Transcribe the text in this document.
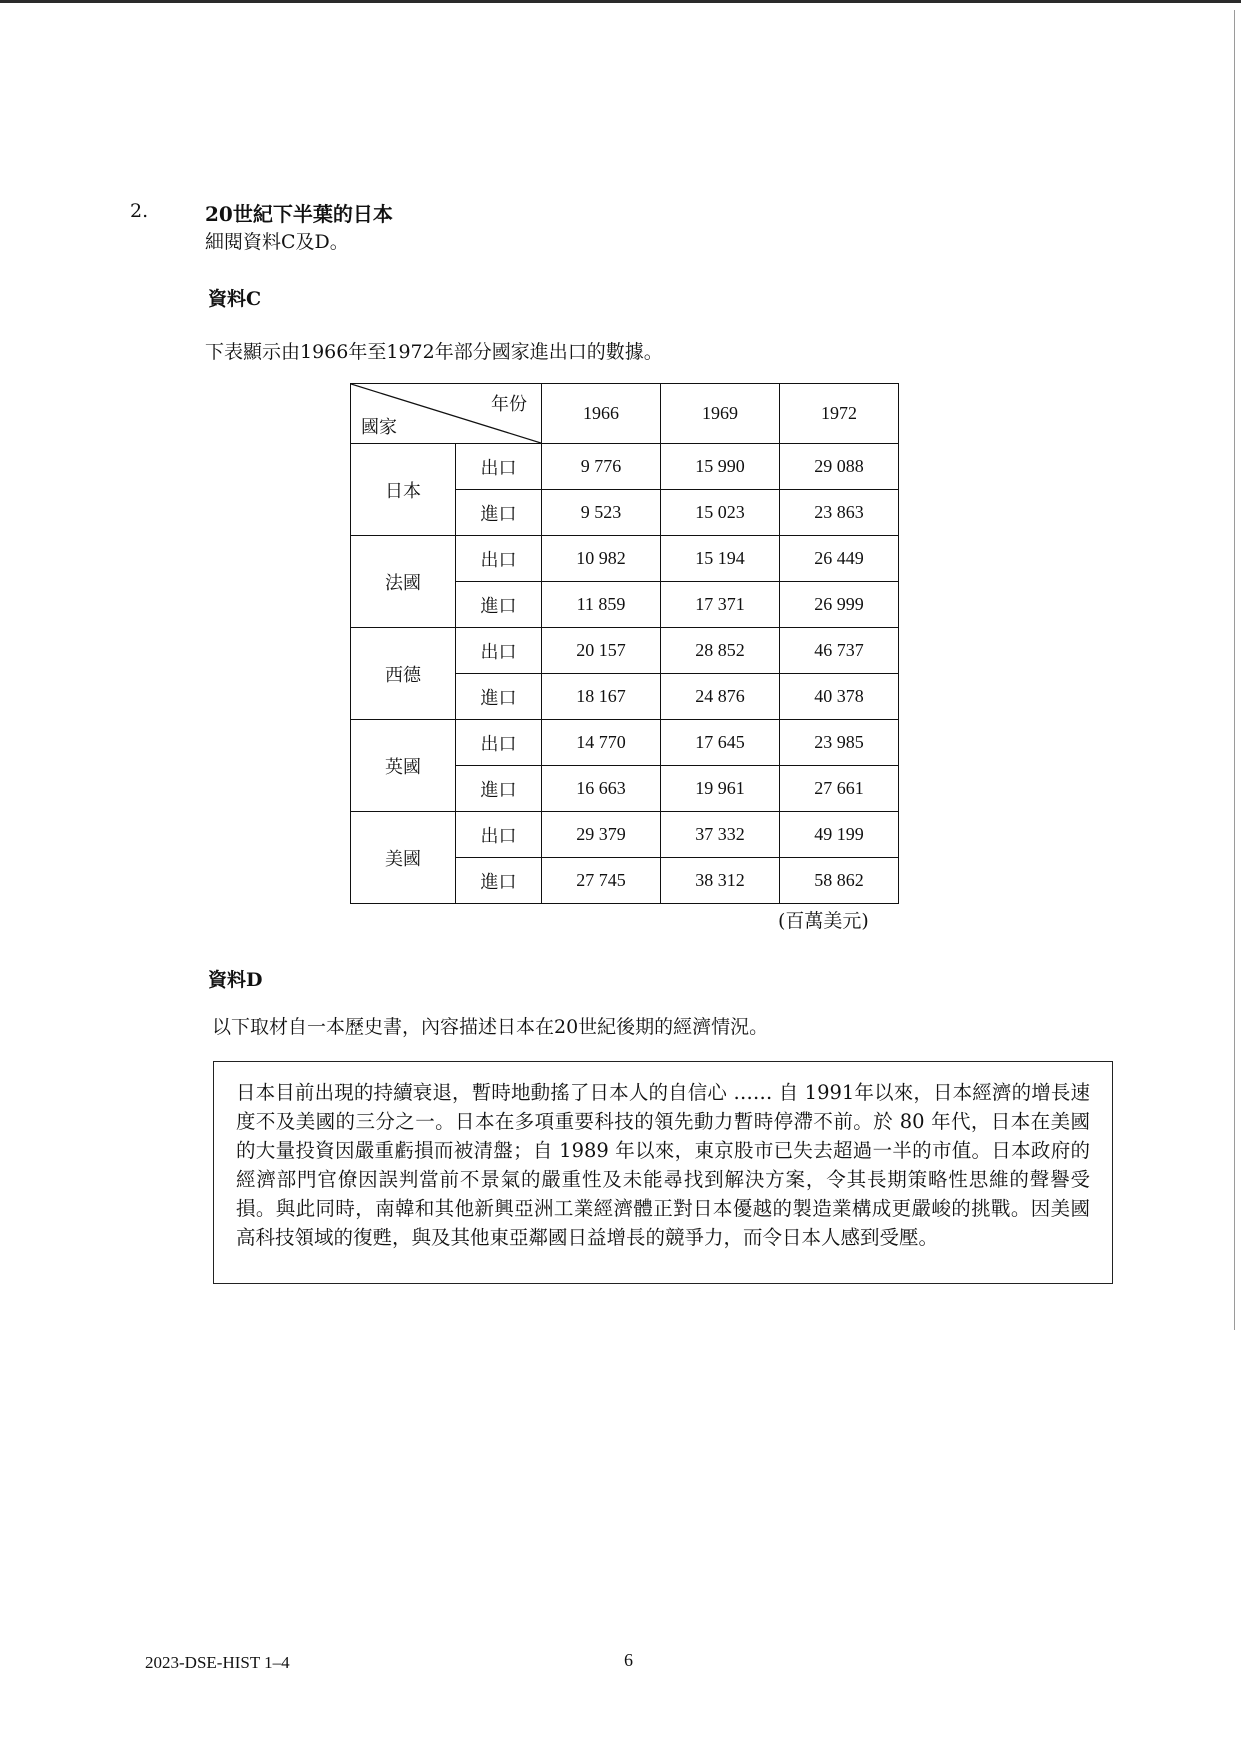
2.	20世紀下半葉的日本
細閱資料C及D。
資料C
下表顯示由1966年至1972年部分國家進出口的數據。
年份
國家		1966	1969	1972
日本	出口	9 776	15 990	29 088
	進口	9 523	15 023	23 863
法國	出口	10 982	15 194	26 449
	進口	11 859	17 371	26 999
西德	出口	20 157	28 852	46 737
	進口	18 167	24 876	40 378
英國	出口	14 770	17 645	23 985
	進口	16 663	19 961	27 661
美國	出口	29 379	37 332	49 199
	進口	27 745	38 312	58 862
(百萬美元)
資料D
以下取材自一本歷史書，內容描述日本在20世紀後期的經濟情況。
日本目前出現的持續衰退，暫時地動搖了日本人的自信心 …… 自 1991年以來，日本經濟的增長速度不及美國的三分之一。日本在多項重要科技的領先動力暫時停滯不前。於 80 年代，日本在美國的大量投資因嚴重虧損而被清盤；自 1989 年以來，東京股市已失去超過一半的市值。日本政府的經濟部門官僚因誤判當前不景氣的嚴重性及未能尋找到解決方案，令其長期策略性思維的聲譽受損。與此同時，南韓和其他新興亞洲工業經濟體正對日本優越的製造業構成更嚴峻的挑戰。因美國高科技領域的復甦，與及其他東亞鄰國日益增長的競爭力，而令日本人感到受壓。
2023-DSE-HIST 1–4	6
